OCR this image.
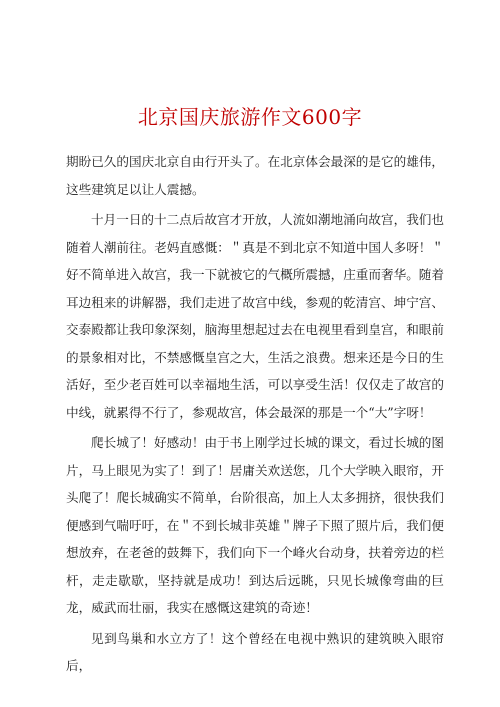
北京国庆旅游作文600字

期盼已久的国庆北京自由行开头了。在北京体会最深的是它的雄伟，这些建筑足以让人震撼。

十月一日的十二点后故宫才开放，人流如潮地涌向故宫，我们也随着人潮前往。老妈直感慨：＂真是不到北京不知道中国人多呀！＂好不简单进入故宫，我一下就被它的气概所震撼，庄重而奢华。随着耳边租来的讲解器，我们走进了故宫中线，参观的乾清宫、坤宁宫、交泰殿都让我印象深刻，脑海里想起过去在电视里看到皇宫，和眼前的景象相对比，不禁感慨皇宫之大，生活之浪费。想来还是今日的生活好，至少老百姓可以幸福地生活，可以享受生活！仅仅走了故宫的中线，就累得不行了，参观故宫，体会最深的那是一个“大”字呀！

爬长城了！好感动！由于书上刚学过长城的课文，看过长城的图片，马上眼见为实了！到了！居庸关欢送您，几个大学映入眼帘，开头爬了！爬长城确实不简单，台阶很高，加上人太多拥挤，很快我们便感到气喘吁吁，在＂不到长城非英雄＂牌子下照了照片后，我们便想放弃，在老爸的鼓舞下，我们向下一个峰火台动身，扶着旁边的栏杆，走走歇歇，坚持就是成功！到达后远眺，只见长城像弯曲的巨龙，威武而壮丽，我实在感慨这建筑的奇迹！

见到鸟巢和水立方了！这个曾经在电视中熟识的建筑映入眼帘后，
